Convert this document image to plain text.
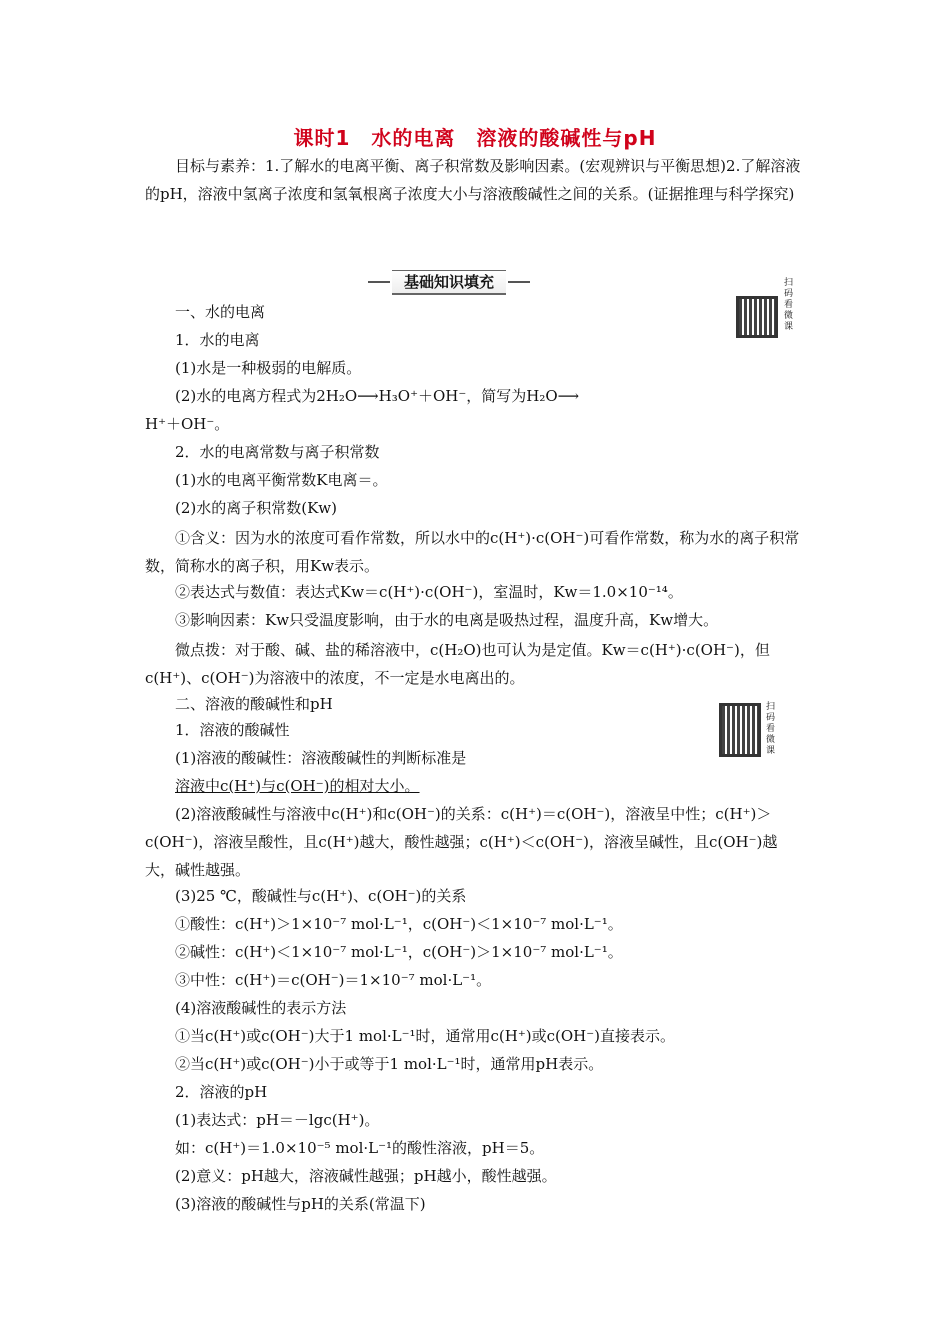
课时1　水的电离　溶液的酸碱性与pH
目标与素养：1.了解水的电离平衡、离子积常数及影响因素。(宏观辨识与平衡思想)2.了解溶液的pH，溶液中氢离子浓度和氢氧根离子浓度大小与溶液酸碱性之间的关系。(证据推理与科学探究)
基础知识填充	扫码看微课
扫码看微课
一、水的电离
1．水的电离
(1)水是一种极弱的电解质。
(2)水的电离方程式为2H₂O⟶H₃O⁺＋OH⁻，简写为H₂O⟶
H⁺＋OH⁻。
2．水的电离常数与离子积常数
(1)水的电离平衡常数K电离＝。
(2)水的离子积常数(Kw)
①含义：因为水的浓度可看作常数，所以水中的c(H⁺)·c(OH⁻)可看作常数，称为水的离子积常数，简称水的离子积，用Kw表示。
②表达式与数值：表达式Kw＝c(H⁺)·c(OH⁻)，室温时，Kw＝1.0×10⁻¹⁴。
③影响因素：Kw只受温度影响，由于水的电离是吸热过程，温度升高，Kw增大。
微点拨：对于酸、碱、盐的稀溶液中，c(H₂O)也可认为是定值。Kw＝c(H⁺)·c(OH⁻)，但c(H⁺)、c(OH⁻)为溶液中的浓度，不一定是水电离出的。
二、溶液的酸碱性和pH
1．溶液的酸碱性
(1)溶液的酸碱性：溶液酸碱性的判断标准是
溶液中c(H⁺)与c(OH⁻)的相对大小。
(2)溶液酸碱性与溶液中c(H⁺)和c(OH⁻)的关系：c(H⁺)＝c(OH⁻)，溶液呈中性；c(H⁺)＞c(OH⁻)，溶液呈酸性，且c(H⁺)越大，酸性越强；c(H⁺)＜c(OH⁻)，溶液呈碱性，且c(OH⁻)越大，碱性越强。
(3)25 ℃，酸碱性与c(H⁺)、c(OH⁻)的关系
①酸性：c(H⁺)＞1×10⁻⁷ mol·L⁻¹，c(OH⁻)＜1×10⁻⁷ mol·L⁻¹。
②碱性：c(H⁺)＜1×10⁻⁷ mol·L⁻¹，c(OH⁻)＞1×10⁻⁷ mol·L⁻¹。
③中性：c(H⁺)＝c(OH⁻)＝1×10⁻⁷ mol·L⁻¹。
(4)溶液酸碱性的表示方法
①当c(H⁺)或c(OH⁻)大于1 mol·L⁻¹时，通常用c(H⁺)或c(OH⁻)直接表示。
②当c(H⁺)或c(OH⁻)小于或等于1 mol·L⁻¹时，通常用pH表示。
2．溶液的pH
(1)表达式：pH＝－lgc(H⁺)。
如：c(H⁺)＝1.0×10⁻⁵ mol·L⁻¹的酸性溶液，pH＝5。
(2)意义：pH越大，溶液碱性越强；pH越小，酸性越强。
(3)溶液的酸碱性与pH的关系(常温下)
